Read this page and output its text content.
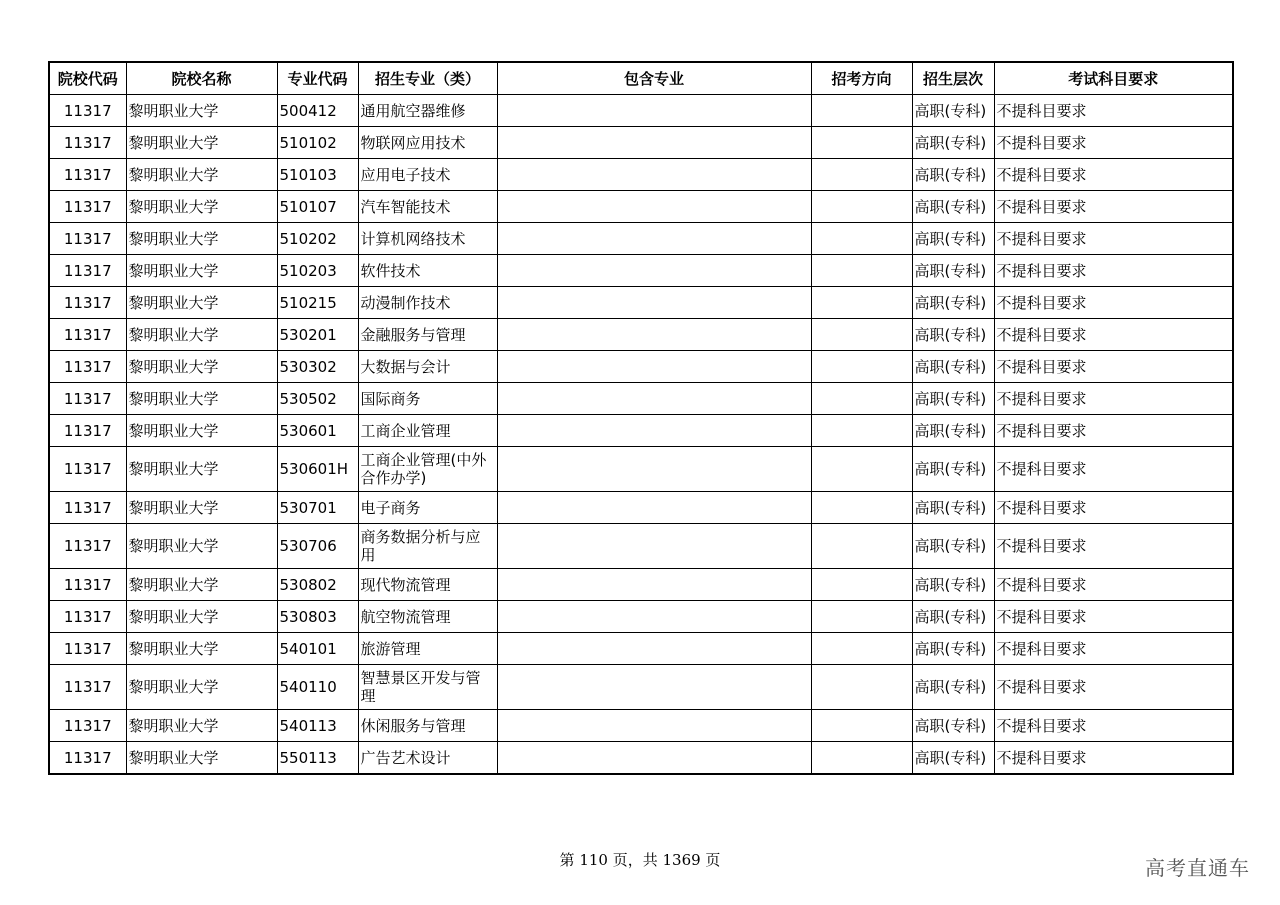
院校代码	院校名称	专业代码	招生专业（类）	包含专业	招考方向	招生层次	考试科目要求
11317	黎明职业大学	500412	通用航空器维修			高职(专科)	不提科目要求
11317	黎明职业大学	510102	物联网应用技术			高职(专科)	不提科目要求
11317	黎明职业大学	510103	应用电子技术			高职(专科)	不提科目要求
11317	黎明职业大学	510107	汽车智能技术			高职(专科)	不提科目要求
11317	黎明职业大学	510202	计算机网络技术			高职(专科)	不提科目要求
11317	黎明职业大学	510203	软件技术			高职(专科)	不提科目要求
11317	黎明职业大学	510215	动漫制作技术			高职(专科)	不提科目要求
11317	黎明职业大学	530201	金融服务与管理			高职(专科)	不提科目要求
11317	黎明职业大学	530302	大数据与会计			高职(专科)	不提科目要求
11317	黎明职业大学	530502	国际商务			高职(专科)	不提科目要求
11317	黎明职业大学	530601	工商企业管理			高职(专科)	不提科目要求
11317	黎明职业大学	530601H	工商企业管理(中外合作办学)			高职(专科)	不提科目要求
11317	黎明职业大学	530701	电子商务			高职(专科)	不提科目要求
11317	黎明职业大学	530706	商务数据分析与应用			高职(专科)	不提科目要求
11317	黎明职业大学	530802	现代物流管理			高职(专科)	不提科目要求
11317	黎明职业大学	530803	航空物流管理			高职(专科)	不提科目要求
11317	黎明职业大学	540101	旅游管理			高职(专科)	不提科目要求
11317	黎明职业大学	540110	智慧景区开发与管理			高职(专科)	不提科目要求
11317	黎明职业大学	540113	休闲服务与管理			高职(专科)	不提科目要求
11317	黎明职业大学	550113	广告艺术设计			高职(专科)	不提科目要求
第 110 页，共 1369 页	高考直通车
